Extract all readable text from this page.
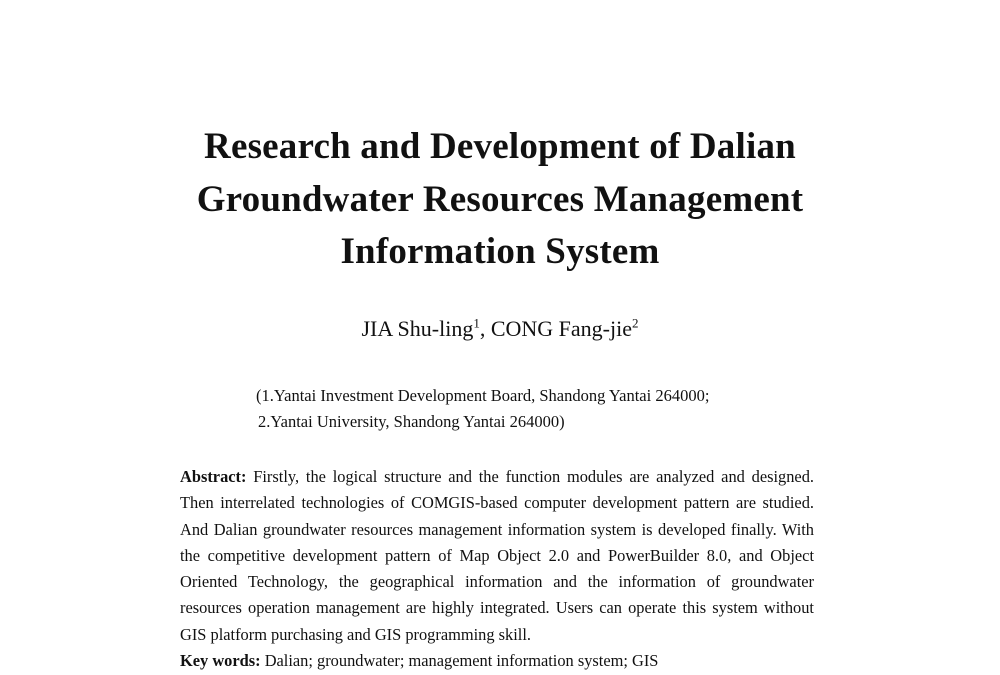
Research and Development of Dalian
Groundwater Resources Management
Information System
JIA Shu-ling$^1$, CONG Fang-jie$^2$
(1.Yantai Investment Development Board, Shandong Yantai 264000;
2.Yantai University, Shandong Yantai 264000)
Abstract: Firstly, the logical structure and the function modules are analyzed and designed. Then interrelated technologies of COMGIS-based computer development pattern are studied. And Dalian groundwater resources management information system is developed finally. With the competitive development pattern of Map Object 2.0 and PowerBuilder 8.0, and Object Oriented Technology, the geographical information and the information of groundwater resources operation management are highly integrated. Users can operate this system without GIS platform purchasing and GIS programming skill.
Key words: Dalian; groundwater; management information system; GIS
